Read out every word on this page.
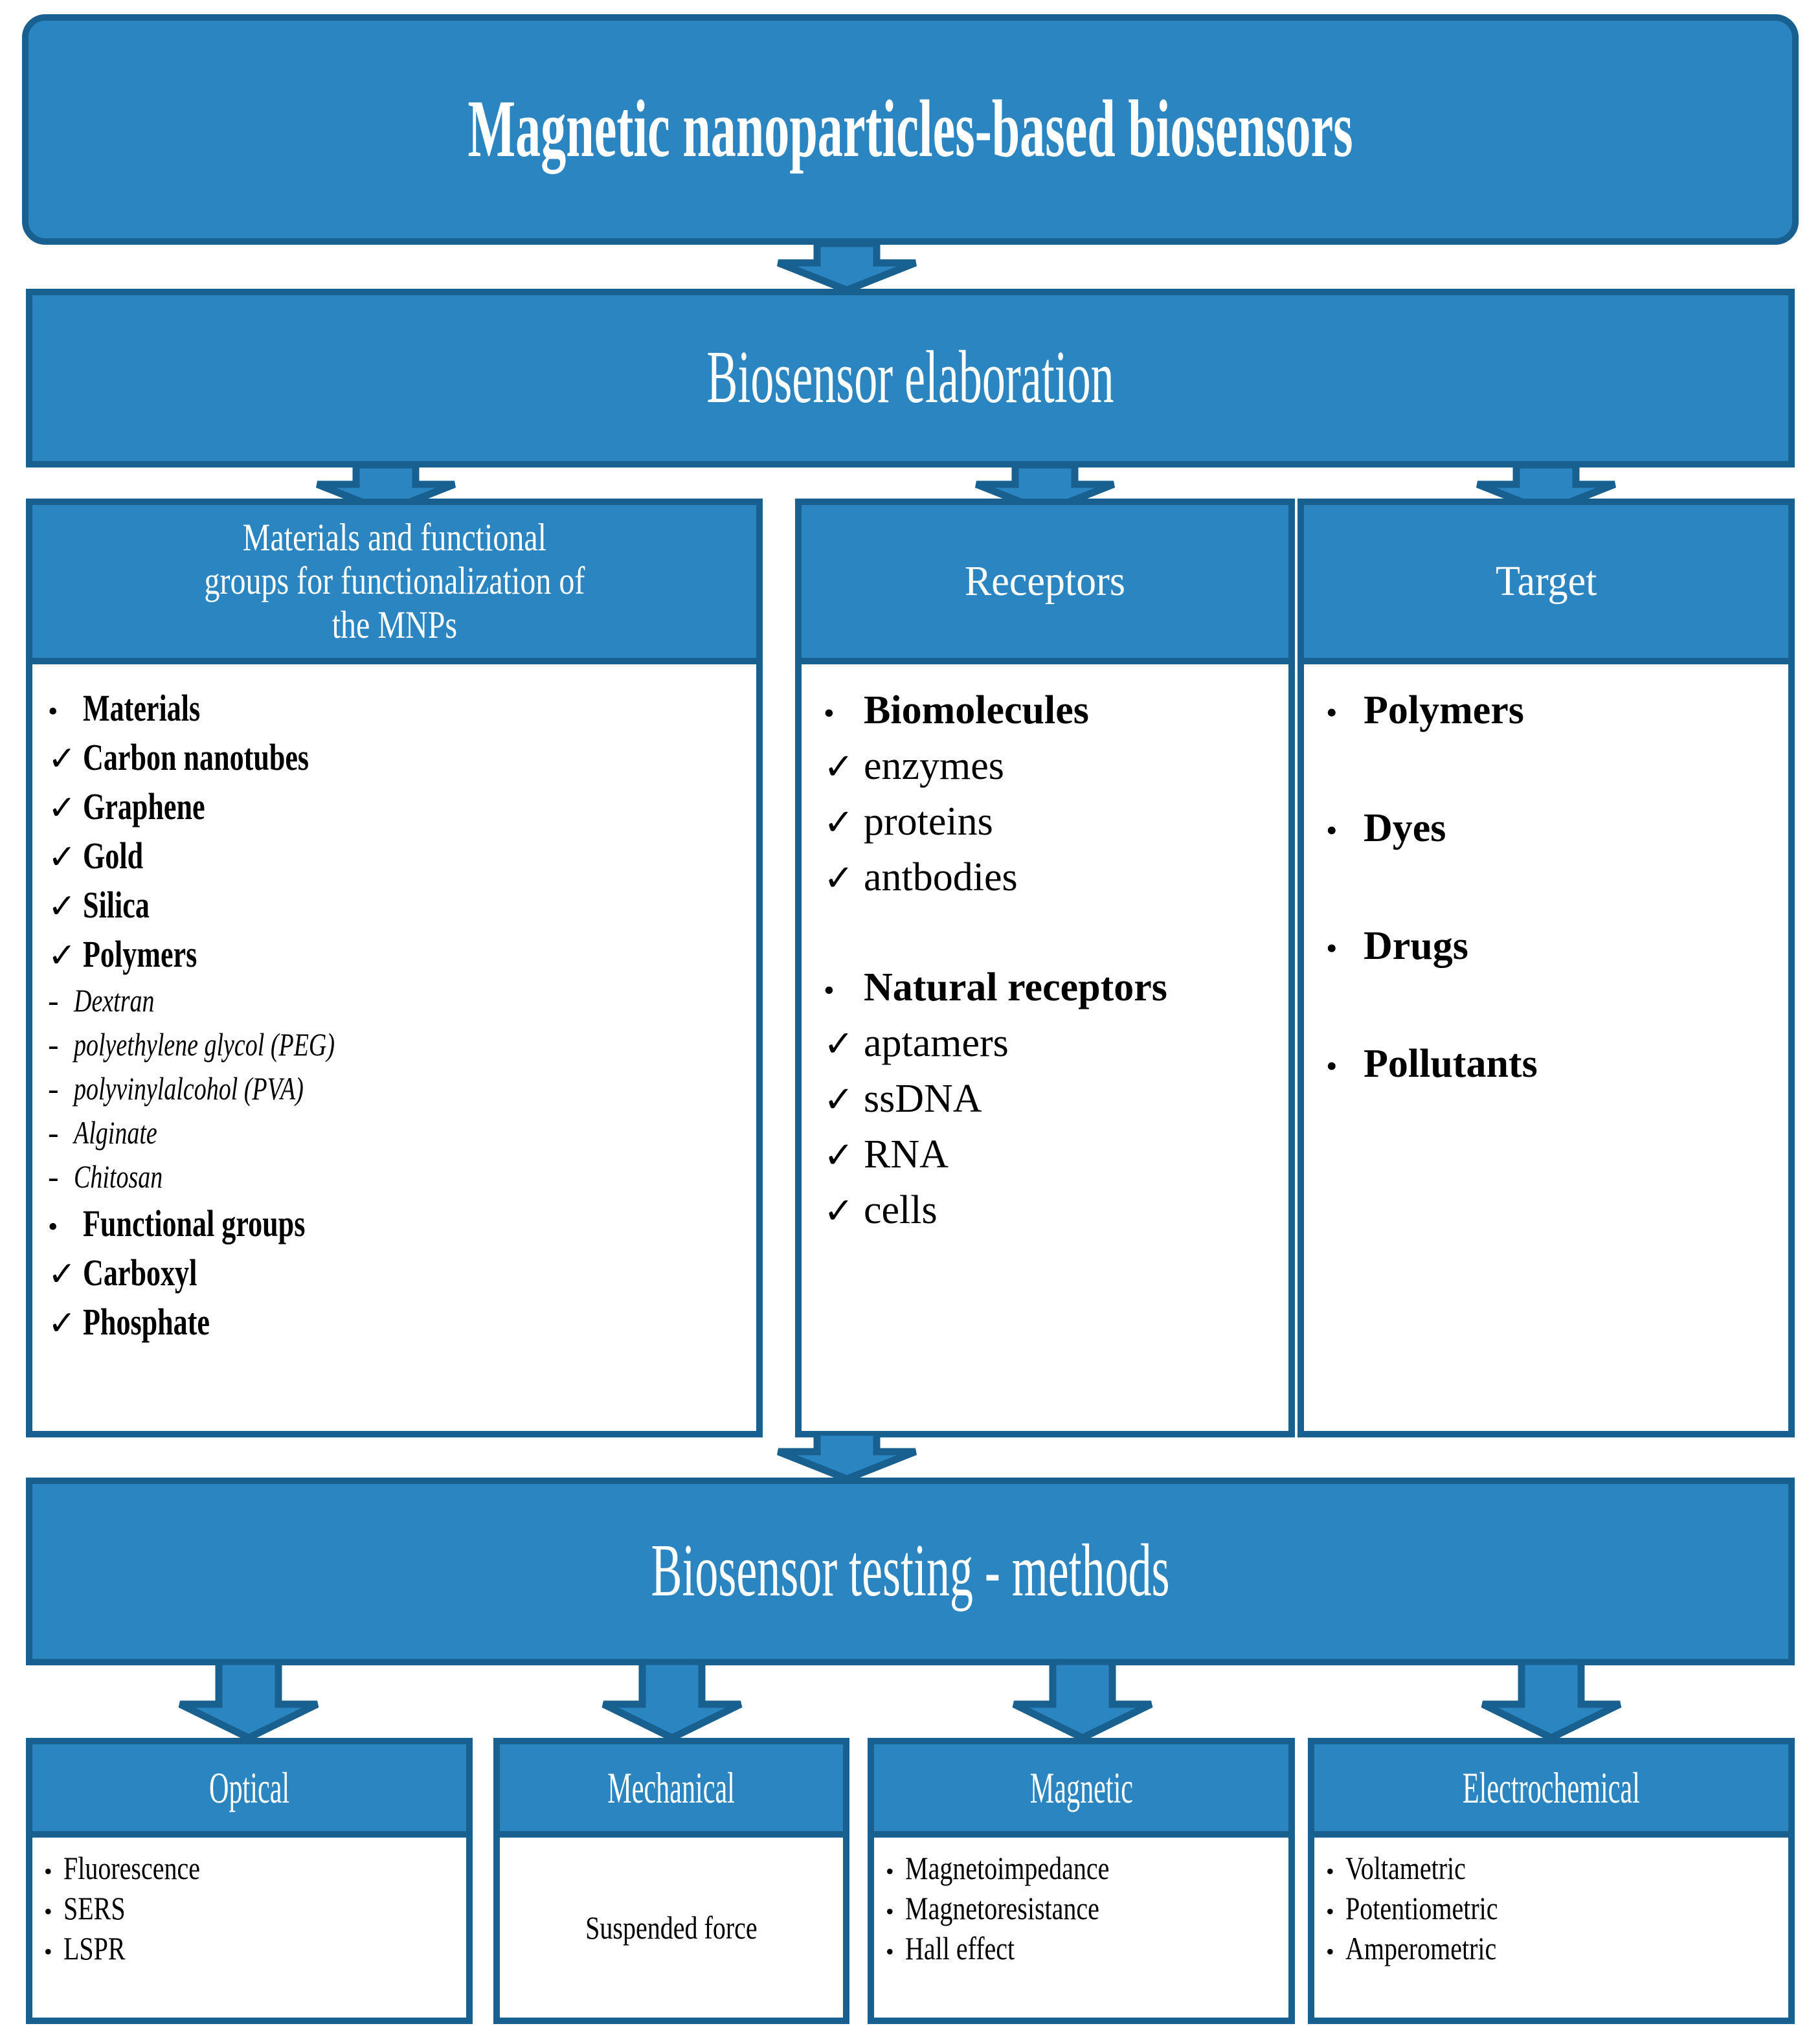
Magnetic nanoparticles-based biosensors
Biosensor elaboration
Materials and functional
groups for functionalization of
the MNPs
• Materials
✓ Carbon nanotubes
✓ Graphene
✓ Gold
✓ Silica
✓ Polymers
- Dextran
- polyethylene glycol (PEG)
- polyvinylalcohol (PVA)
- Alginate
- Chitosan
• Functional groups
✓ Carboxyl
✓ Phosphate
Receptors
• Biomolecules
✓ enzymes
✓ proteins
✓ antbodies
• Natural receptors
✓ aptamers
✓ ssDNA
✓ RNA
✓ cells
Target
• Polymers
• Dyes
• Drugs
• Pollutants
Biosensor testing - methods
Optical
• Fluorescence
• SERS
• LSPR
Mechanical
Suspended force
Magnetic
• Magnetoimpedance
• Magnetoresistance
• Hall effect
Electrochemical
• Voltametric
• Potentiometric
• Amperometric
